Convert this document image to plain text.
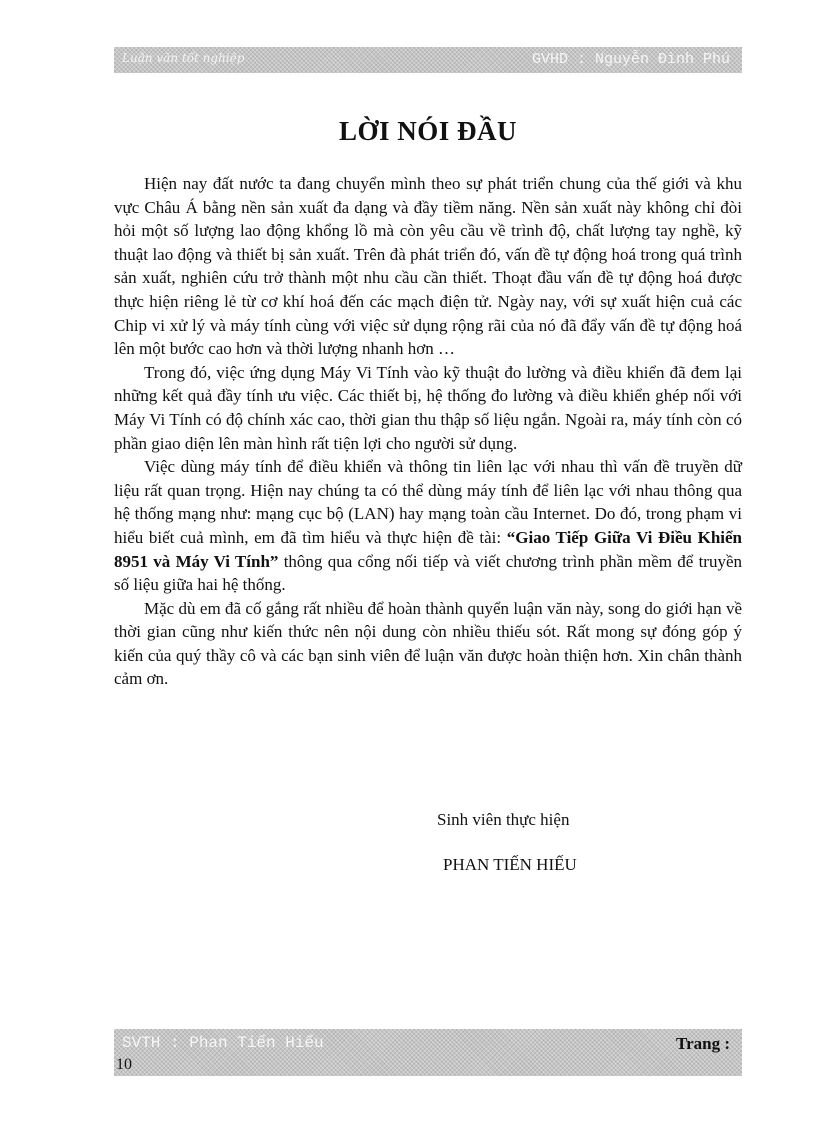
Luận văn tốt nghiệp	GVHD : Nguyễn Đình Phú
LỜI NÓI ĐẦU

Hiện nay đất nước ta đang chuyển mình theo sự phát triển chung của thế giới và khu vực Châu Á bằng nền sản xuất đa dạng và đầy tiềm năng. Nền sản xuất này không chỉ đòi hỏi một số lượng lao động khổng lồ mà còn yêu cầu về trình độ, chất lượng tay nghề, kỹ thuật lao động và thiết bị sản xuất. Trên đà phát triển đó, vấn đề tự động hoá trong quá trình sản xuất, nghiên cứu trở thành một nhu cầu cần thiết. Thoạt đầu vấn đề tự động hoá được thực hiện riêng lẻ từ cơ khí hoá đến các mạch điện tử. Ngày nay, với sự xuất hiện cuả các Chip vi xử lý và máy tính cùng với việc sử dụng rộng rãi của nó đã đẩy vấn đề tự động hoá lên một bước cao hơn và thời lượng nhanh hơn …

Trong đó, việc ứng dụng Máy Vi Tính vào kỹ thuật đo lường và điều khiển đã đem lại những kết quả đầy tính ưu việc. Các thiết bị, hệ thống đo lường và điều khiển ghép nối với Máy Vi Tính có độ chính xác cao, thời gian thu thập số liệu ngắn. Ngoài ra, máy tính còn có phần giao diện lên màn hình rất tiện lợi cho người sử dụng.

Việc dùng máy tính để điều khiển và thông tin liên lạc với nhau thì vấn đề truyền dữ liệu rất quan trọng. Hiện nay chúng ta có thể dùng máy tính để liên lạc với nhau thông qua hệ thống mạng như: mạng cục bộ (LAN) hay mạng toàn cầu Internet. Do đó, trong phạm vi hiểu biết cuả mình, em đã tìm hiểu và thực hiện đề tài: “Giao Tiếp Giữa Vi Điều Khiển 8951 và Máy Vi Tính” thông qua cổng nối tiếp và viết chương trình phần mềm để truyền số liệu giữa hai hệ thống.

Mặc dù em đã cố gắng rất nhiều để hoàn thành quyển luận văn này, song do giới hạn về thời gian cũng như kiến thức nên nội dung còn nhiều thiếu sót. Rất mong sự đóng góp ý kiến của quý thầy cô và các bạn sinh viên để luận văn được hoàn thiện hơn. Xin chân thành cảm ơn.

Sinh viên thực hiện
PHAN TIẾN HIẾU
SVTH : Phan Tiến Hiếu	Trang :
10
